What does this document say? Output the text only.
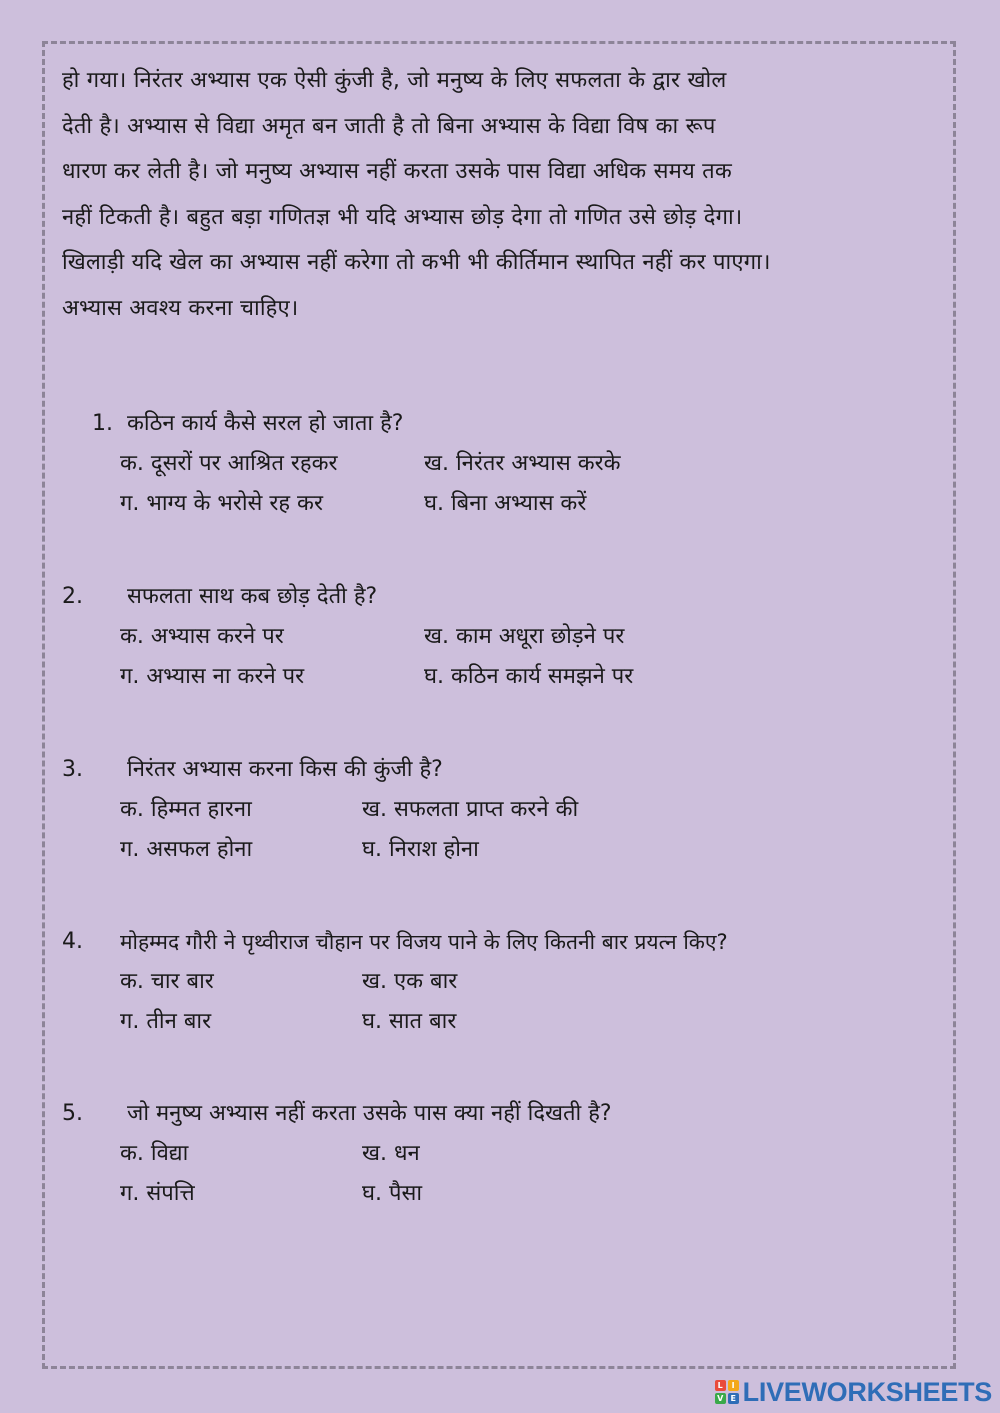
हो गया। निरंतर अभ्यास एक ऐसी कुंजी है, जो मनुष्य के लिए सफलता के द्वार खोल
देती है। अभ्यास से विद्या अमृत बन जाती है तो बिना अभ्यास के विद्या विष का रूप
धारण कर लेती है। जो मनुष्य अभ्यास नहीं करता उसके पास विद्या अधिक समय तक
नहीं टिकती है। बहुत बड़ा गणितज्ञ भी यदि अभ्यास छोड़ देगा तो गणित उसे छोड़ देगा।
खिलाड़ी यदि खेल का अभ्यास नहीं करेगा तो कभी भी कीर्तिमान स्थापित नहीं कर पाएगा।
अभ्यास अवश्य करना चाहिए।
1. कठिन कार्य कैसे सरल हो जाता है?
क. दूसरों पर आश्रित रहकर	ख. निरंतर अभ्यास करके
ग. भाग्य के भरोसे रह कर	घ. बिना अभ्यास करें
2. सफलता साथ कब छोड़ देती है?
क. अभ्यास करने पर	ख. काम अधूरा छोड़ने पर
ग. अभ्यास ना करने पर	घ. कठिन कार्य समझने पर
3. निरंतर अभ्यास करना किस की कुंजी है?
क. हिम्मत हारना	ख. सफलता प्राप्त करने की
ग. असफल होना	घ. निराश होना
4. मोहम्मद गौरी ने पृथ्वीराज चौहान पर विजय पाने के लिए कितनी बार प्रयत्न किए?
क. चार बार	ख. एक बार
ग. तीन बार	घ. सात बार
5. जो मनुष्य अभ्यास नहीं करता उसके पास क्या नहीं दिखती है?
क. विद्या	ख. धन
ग. संपत्ति	घ. पैसा
L	I
V E LIVEWORKSHEETS
